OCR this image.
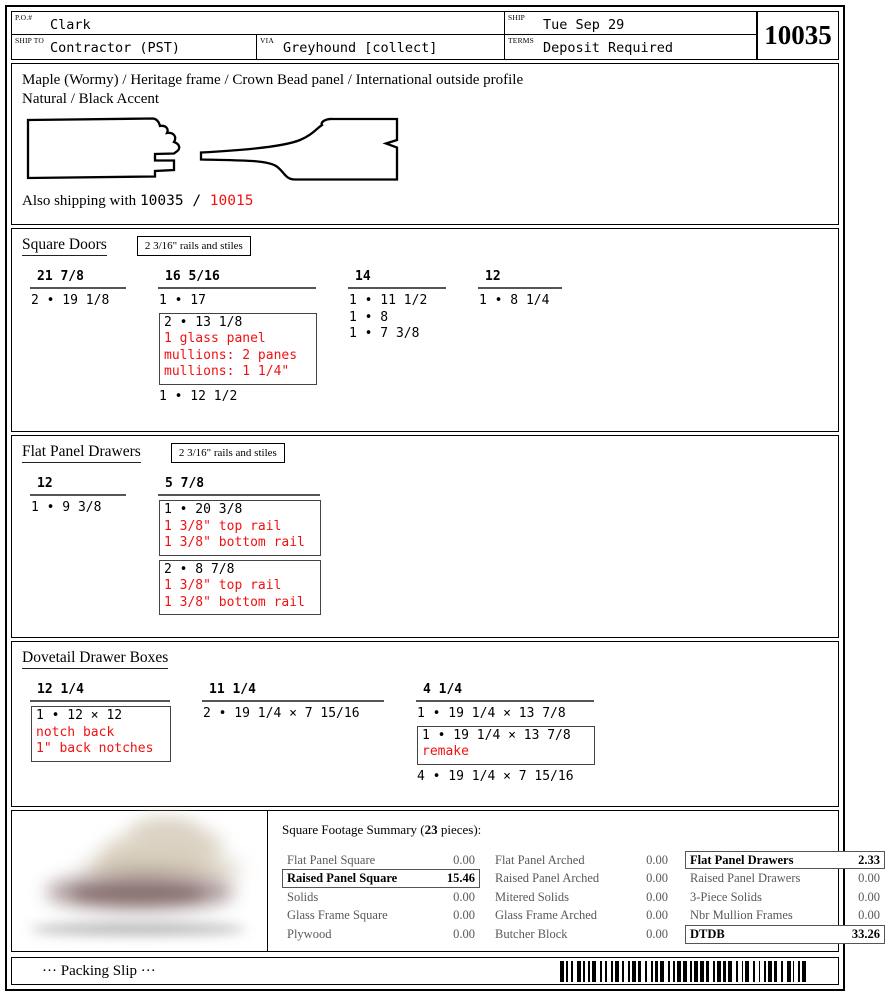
P.O.#	Clark	SHIP	Tue Sep 29
SHIP TO Contractor (PST)	VIA Greyhound [collect]	TERMS Deposit Required	10035
Maple (Wormy) / Heritage frame / Crown Bead panel / International outside profile
Natural / Black Accent
Also shipping with 10035 / 10015
Square Doors	2 3/16" rails and stiles
21 7/8
2 • 19 1/8
16 5/16
1 • 17
2 • 13 1/8
1 glass panel
mullions: 2 panes
mullions: 1 1/4"
1 • 12 1/2
14
1 • 11 1/2
1 • 8
1 • 7 3/8
12
1 • 8 1/4
Flat Panel Drawers	2 3/16" rails and stiles
12
1 • 9 3/8
5 7/8
1 • 20 3/8
1 3/8" top rail
1 3/8" bottom rail
2 • 8 7/8
1 3/8" top rail
1 3/8" bottom rail
Dovetail Drawer Boxes
12 1/4
1 • 12 × 12
notch back
1" back notches
11 1/4
2 • 19 1/4 × 7 15/16
4 1/4
1 • 19 1/4 × 13 7/8
1 • 19 1/4 × 13 7/8
remake
4 • 19 1/4 × 7 15/16
Square Footage Summary (23 pieces):
Flat Panel Square	0.00
Raised Panel Square	15.46
Solids	0.00
Glass Frame Square	0.00
Plywood	0.00
Flat Panel Arched	0.00
Raised Panel Arched	0.00
Mitered Solids	0.00
Glass Frame Arched	0.00
Butcher Block	0.00
Flat Panel Drawers	2.33
Raised Panel Drawers	0.00
3-Piece Solids	0.00
Nbr Mullion Frames	0.00
DTDB	33.26
··· Packing Slip ···
